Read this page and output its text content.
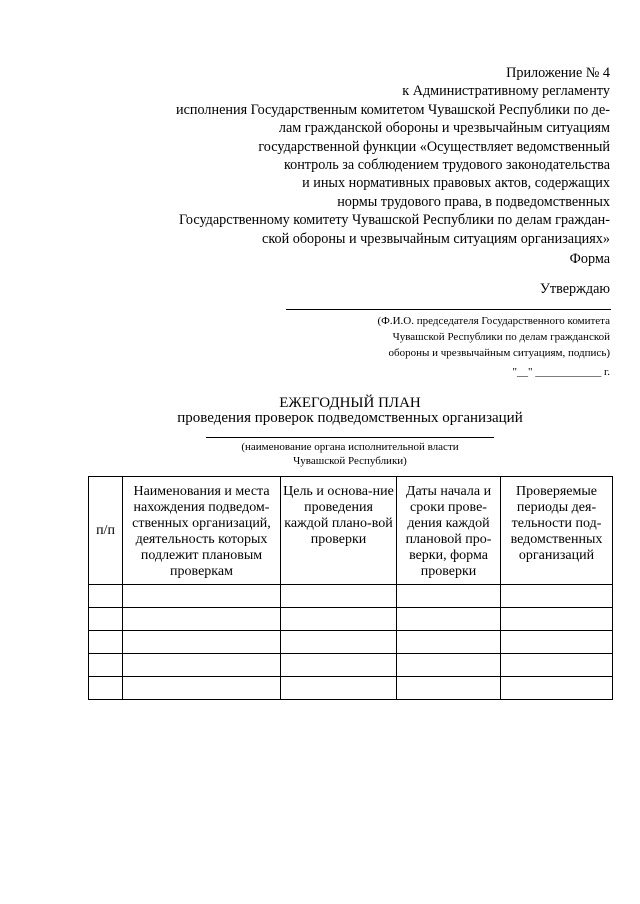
Приложение № 4
к Административному регламенту
исполнения Государственным комитетом Чувашской Республики по де-
лам гражданской обороны и чрезвычайным ситуациям
государственной функции «Осуществляет ведомственный
контроль за соблюдением трудового законодательства
и иных нормативных правовых актов, содержащих
нормы трудового права, в подведомственных
Государственному комитету Чувашской Республики по делам граждан-
ской обороны и чрезвычайным ситуациям организациях»
Форма
Утверждаю
(Ф.И.О. председателя Государственного комитета
Чувашской Республики по делам гражданской
обороны и чрезвычайным ситуациям, подпись)
"__" ____________ г.
ЕЖЕГОДНЫЙ ПЛАН
проведения проверок подведомственных организаций
(наименование органа исполнительной власти
Чувашской Республики)
п/п	Наименования и места нахождения подведом-ственных организаций, деятельность которых подлежит плановым проверкам	Цель и основа-ние проведения каждой плано-вой проверки	Даты начала и сроки прове-дения каждой плановой про-верки, форма проверки	Проверяемые периоды дея-тельности под-ведомственных организаций
